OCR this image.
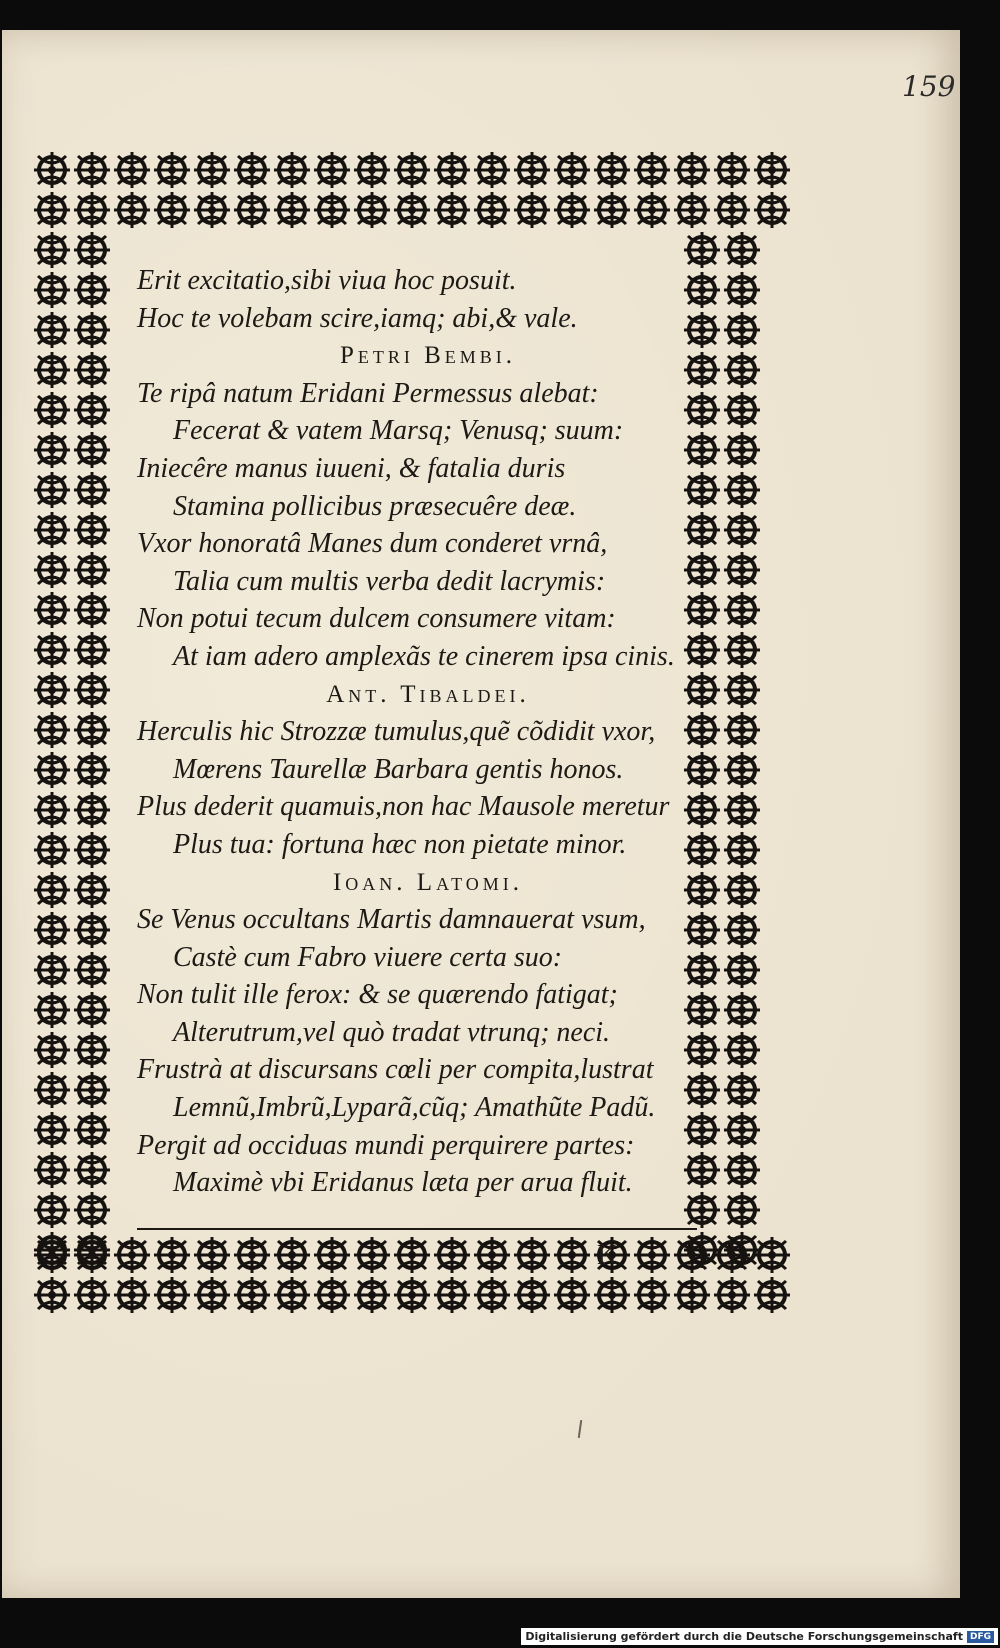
159
Erit excitatio,sibi viua hoc posuit.
Hoc te volebam scire,iamq; abi,& vale.
Petri Bembi.
Te ripâ natum Eridani Permessus alebat:
Fecerat & vatem Marsq; Venusq; suum:
Iniecêre manus iuueni, & fatalia duris
Stamina pollicibus præsecuêre deæ.
Vxor honoratâ Manes dum conderet vrnâ,
Talia cum multis verba dedit lacrymis:
Non potui tecum dulcem consumere vitam:
At iam adero amplexãs te cinerem ipsa cinis.
Ant. Tibaldei.
Herculis hic Strozzæ tumulus,quẽ cõdidit vxor,
Mœrens Taurellæ Barbara gentis honos.
Plus dederit quamuis,non hac Mausole meretur
Plus tua: fortuna hæc non pietate minor.
Ioan. Latomi.
Se Venus occultans Martis damnauerat vsum,
Castè cum Fabro viuere certa suo:
Non tulit ille ferox: & se quærendo fatigat;
Alterutrum,vel quò tradat vtrunq; neci.
Frustrà at discursans cœli per compita,lustrat
Lemnũ,Imbrũ,Lyparã,cũq; Amathũte Padũ.
Pergit ad occiduas mundi perquirere partes:
Maximè vbi Eridanus læta per arua fluit.
K
Digitalisierung gefördert durch die Deutsche Forschungsgemeinschaft DFG
